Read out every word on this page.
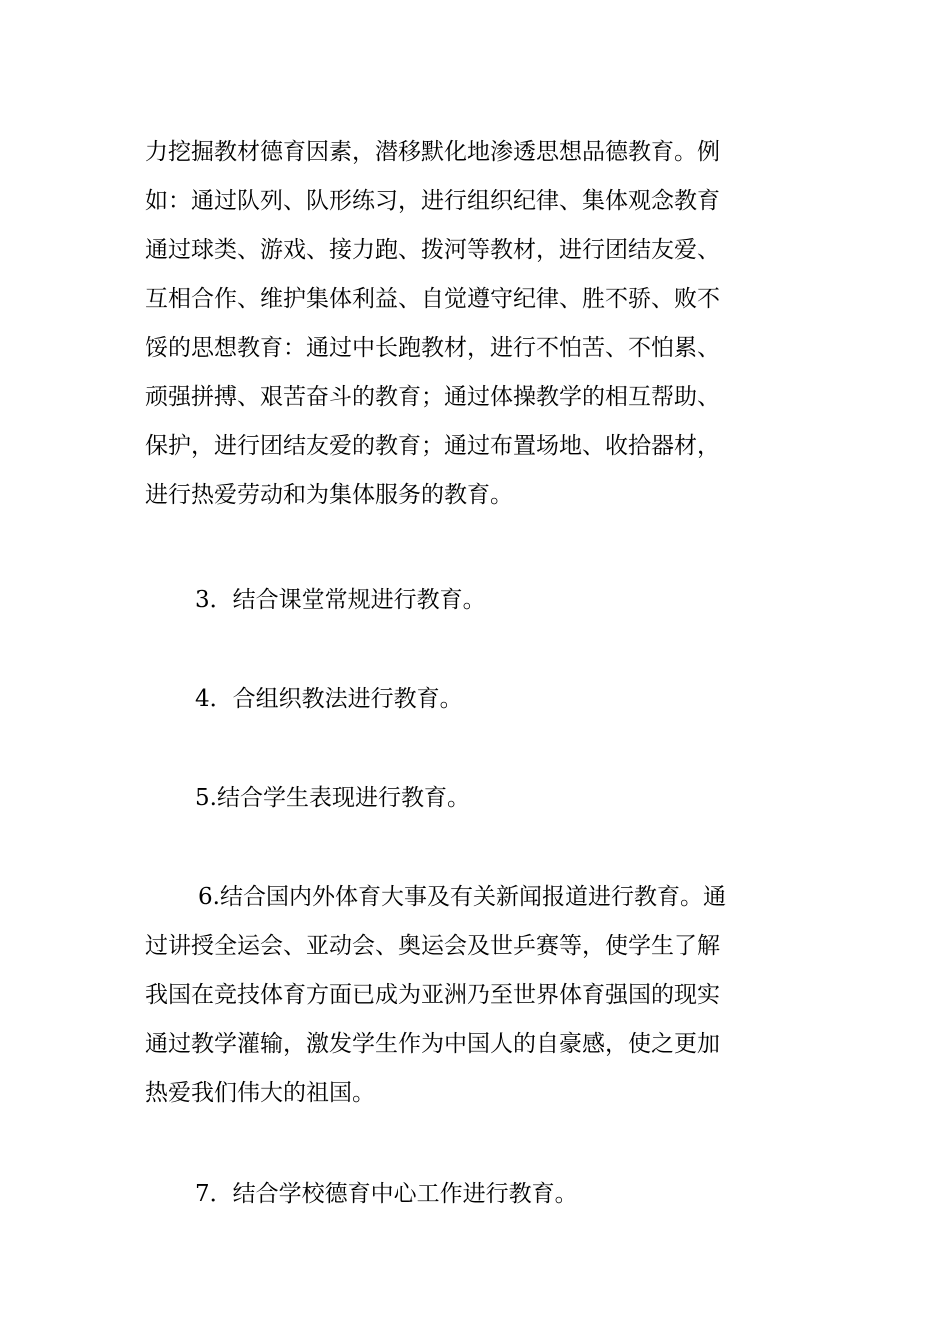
力挖掘教材德育因素，潜移默化地渗透思想品德教育。例
如：通过队列、队形练习，进行组织纪律、集体观念教育
通过球类、游戏、接力跑、拨河等教材，进行团结友爱、
互相合作、维护集体利益、自觉遵守纪律、胜不骄、败不
馁的思想教育：通过中长跑教材，进行不怕苦、不怕累、
顽强拼搏、艰苦奋斗的教育；通过体操教学的相互帮助、
保护，进行团结友爱的教育；通过布置场地、收拾器材，
进行热爱劳动和为集体服务的教育。
3．结合课堂常规进行教育。
4．合组织教法进行教育。
5.结合学生表现进行教育。
6.结合国内外体育大事及有关新闻报道进行教育。通
过讲授全运会、亚动会、奥运会及世乒赛等，使学生了解
我国在竞技体育方面已成为亚洲乃至世界体育强国的现实
通过教学灌输，激发学生作为中国人的自豪感，使之更加
热爱我们伟大的祖国。
7．结合学校德育中心工作进行教育。
